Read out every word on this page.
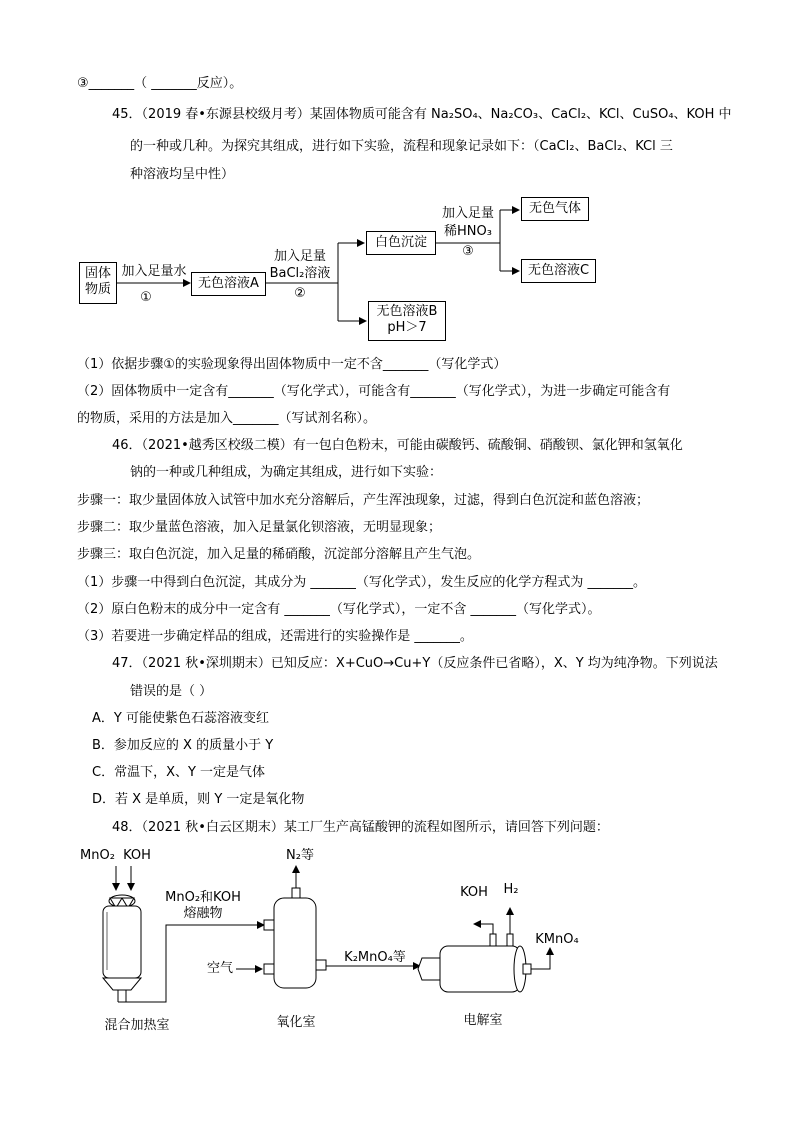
③_______（ _______反应）。
45．（2019 春•东源县校级月考）某固体物质可能含有 Na₂SO₄、Na₂CO₃、CaCl₂、KCl、CuSO₄、KOH 中
的一种或几种。为探究其组成，进行如下实验，流程和现象记录如下：（CaCl₂、BaCl₂、KCl 三
种溶液均呈中性）
固体物质
加入足量水
①
无色溶液A
加入足量
BaCl₂溶液
②
白色沉淀
加入足量
稀HNO₃
③
无色气体
无色溶液C
无色溶液B
pH＞7
（1）依据步骤①的实验现象得出固体物质中一定不含_______（写化学式）
（2）固体物质中一定含有_______（写化学式），可能含有_______（写化学式），为进一步确定可能含有
的物质，采用的方法是加入_______（写试剂名称）。
46．（2021•越秀区校级二模）有一包白色粉末，可能由碳酸钙、硫酸铜、硝酸钡、氯化钾和氢氧化
钠的一种或几种组成，为确定其组成，进行如下实验：
步骤一：取少量固体放入试管中加水充分溶解后，产生浑浊现象，过滤，得到白色沉淀和蓝色溶液；
步骤二：取少量蓝色溶液，加入足量氯化钡溶液，无明显现象；
步骤三：取白色沉淀，加入足量的稀硝酸，沉淀部分溶解且产生气泡。
（1）步骤一中得到白色沉淀，其成分为 _______（写化学式），发生反应的化学方程式为 _______。
（2）原白色粉末的成分中一定含有 _______（写化学式），一定不含 _______（写化学式）。
（3）若要进一步确定样品的组成，还需进行的实验操作是 _______。
47．（2021 秋•深圳期末）已知反应：X+CuO→Cu+Y（反应条件已省略），X、Y 均为纯净物。下列说法
错误的是（ ）
A．Y 可能使紫色石蕊溶液变红
B．参加反应的 X 的质量小于 Y
C．常温下，X、Y 一定是气体
D．若 X 是单质，则 Y 一定是氧化物
48．（2021 秋•白云区期末）某工厂生产高锰酸钾的流程如图所示，请回答下列问题：
MnO₂ KOH
MnO₂和KOH
熔融物
N₂等
空气
K₂MnO₄等
KOH	H₂
KMnO₄
混合加热室	氧化室	电解室
